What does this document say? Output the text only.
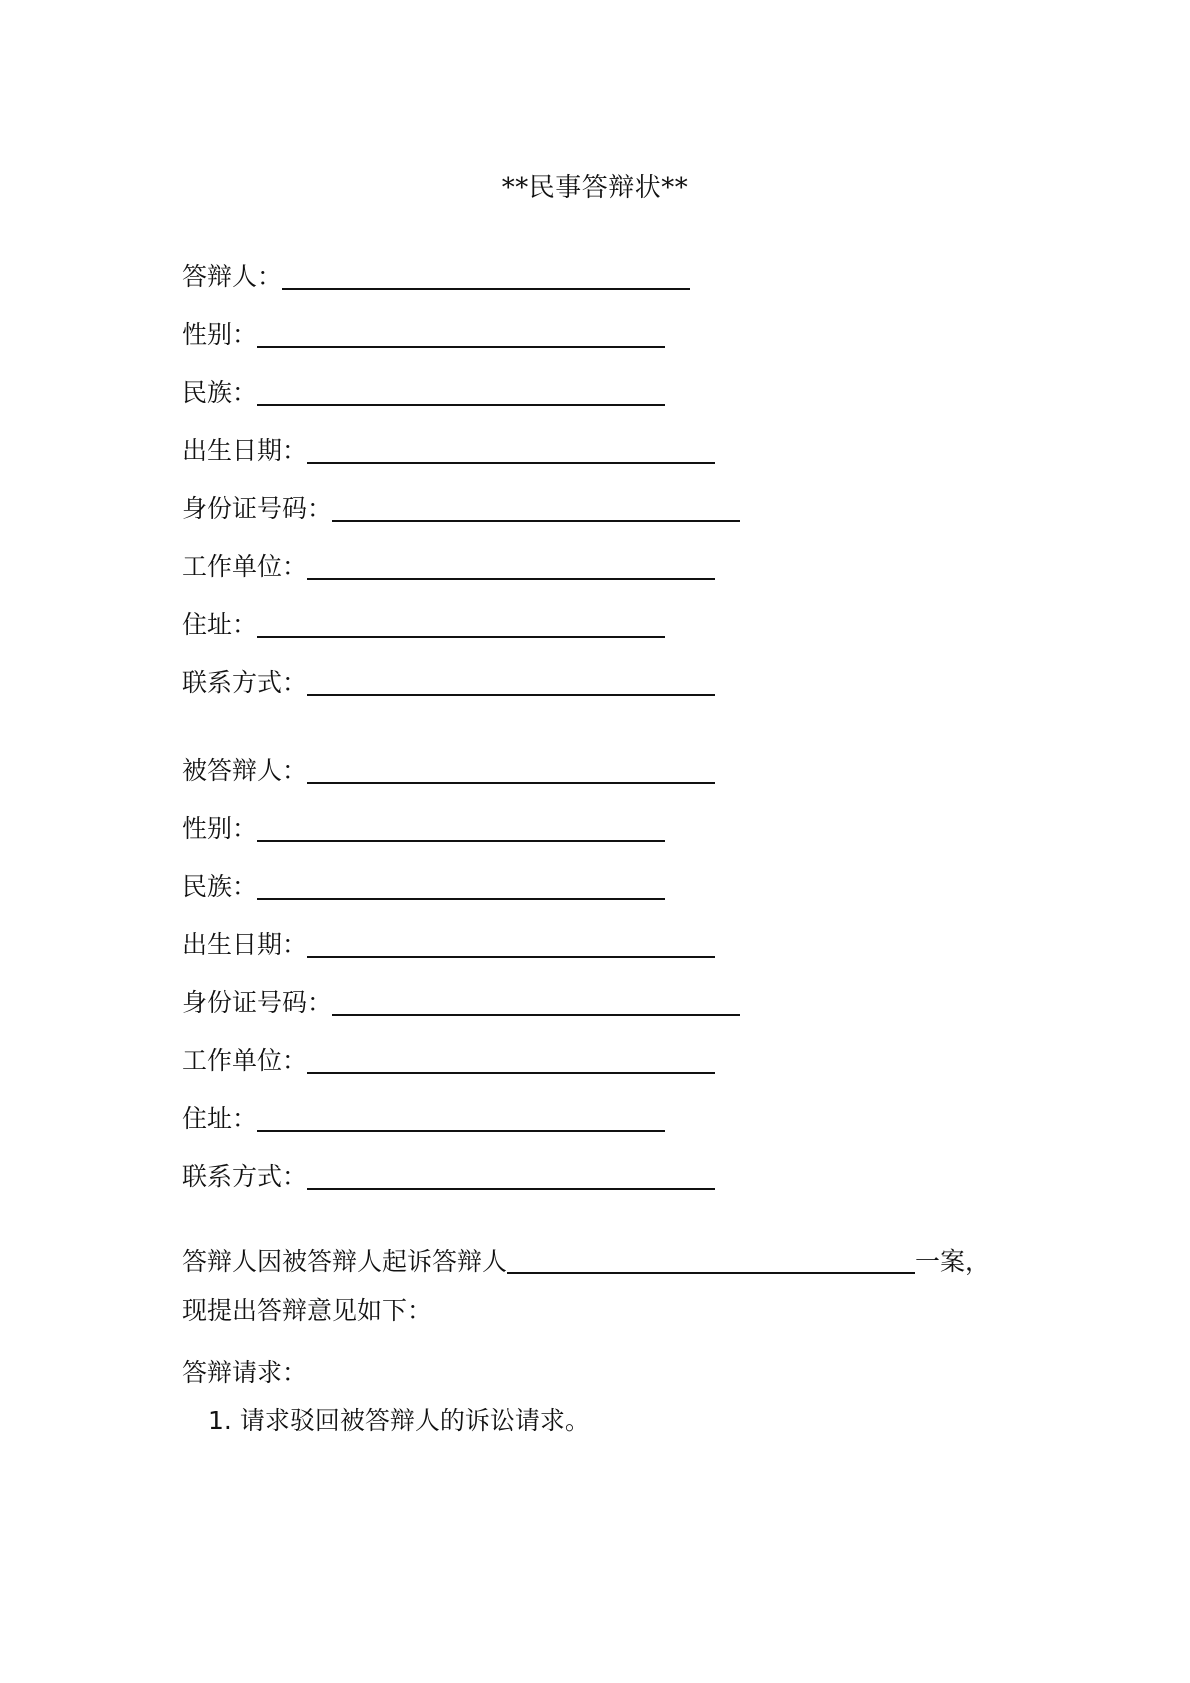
**民事答辩状**
答辩人：
性别：
民族：
出生日期：
身份证号码：
工作单位：
住址：
联系方式：
被答辩人：
性别：
民族：
出生日期：
身份证号码：
工作单位：
住址：
联系方式：
答辩人因被答辩人起诉答辩人	一案，
现提出答辩意见如下：
答辩请求：
1. 请求驳回被答辩人的诉讼请求。
